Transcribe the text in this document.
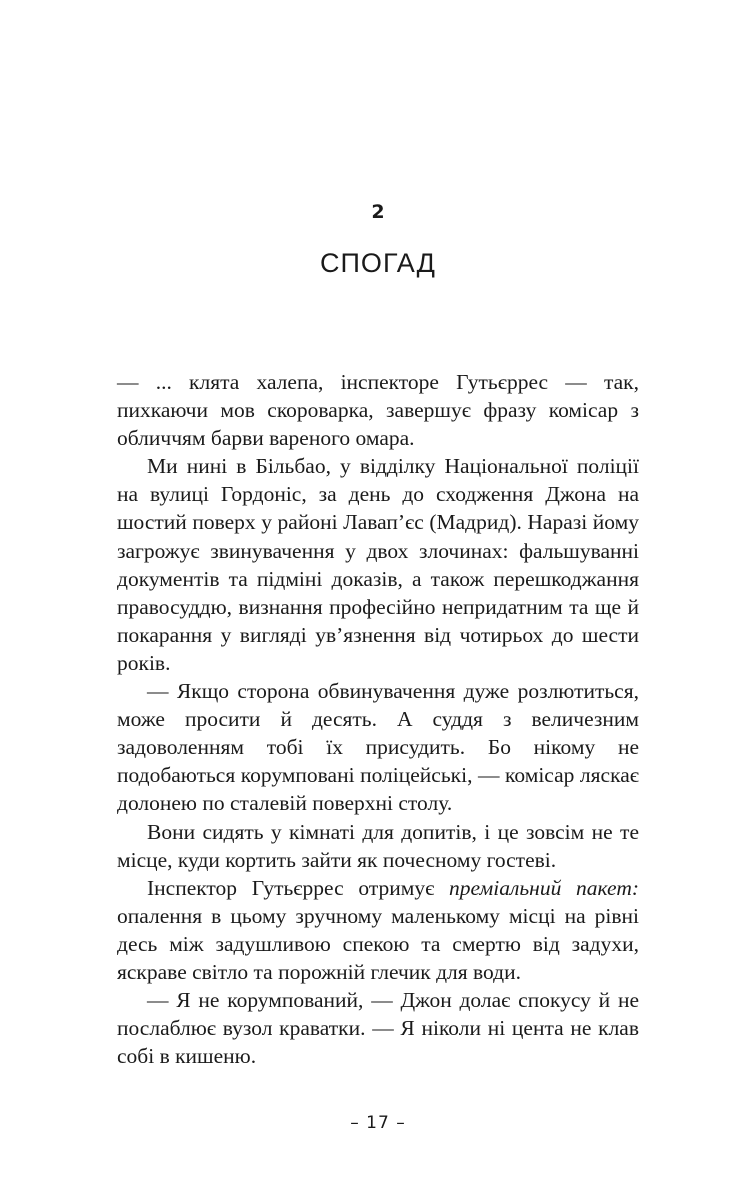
2
СПОГАД

— ... клята халепа, інспекторе Гутьєррес — так, пихкаючи мов скороварка, завершує фразу комісар з обличчям барви вареного омара.

Ми нині в Більбао, у відділку Національної поліції на вулиці Гордоніс, за день до сходження Джона на шостий поверх у районі Лавап’єс (Мадрид). Наразі йому загрожує звинувачення у двох злочинах: фальшуванні документів та підміні доказів, а також перешкоджання правосуддю, визнання професійно непридатним та ще й покарання у вигляді ув’язнення від чотирьох до шести років.

— Якщо сторона обвинувачення дуже розлютиться, може просити й десять. А суддя з величезним задоволенням тобі їх присудить. Бо нікому не подобаються корумповані поліцейські, — комісар ляскає долонею по сталевій поверхні столу.

Вони сидять у кімнаті для допитів, і це зовсім не те місце, куди кортить зайти як почесному гостеві.

Інспектор Гутьєррес отримує преміальний пакет: опалення в цьому зручному маленькому місці на рівні десь між задушливою спекою та смертю від задухи, яскраве світло та порожній глечик для води.

— Я не корумпований, — Джон долає спокусу й не послаблює вузол краватки. — Я ніколи ні цента не клав собі в кишеню.

– 17 –
